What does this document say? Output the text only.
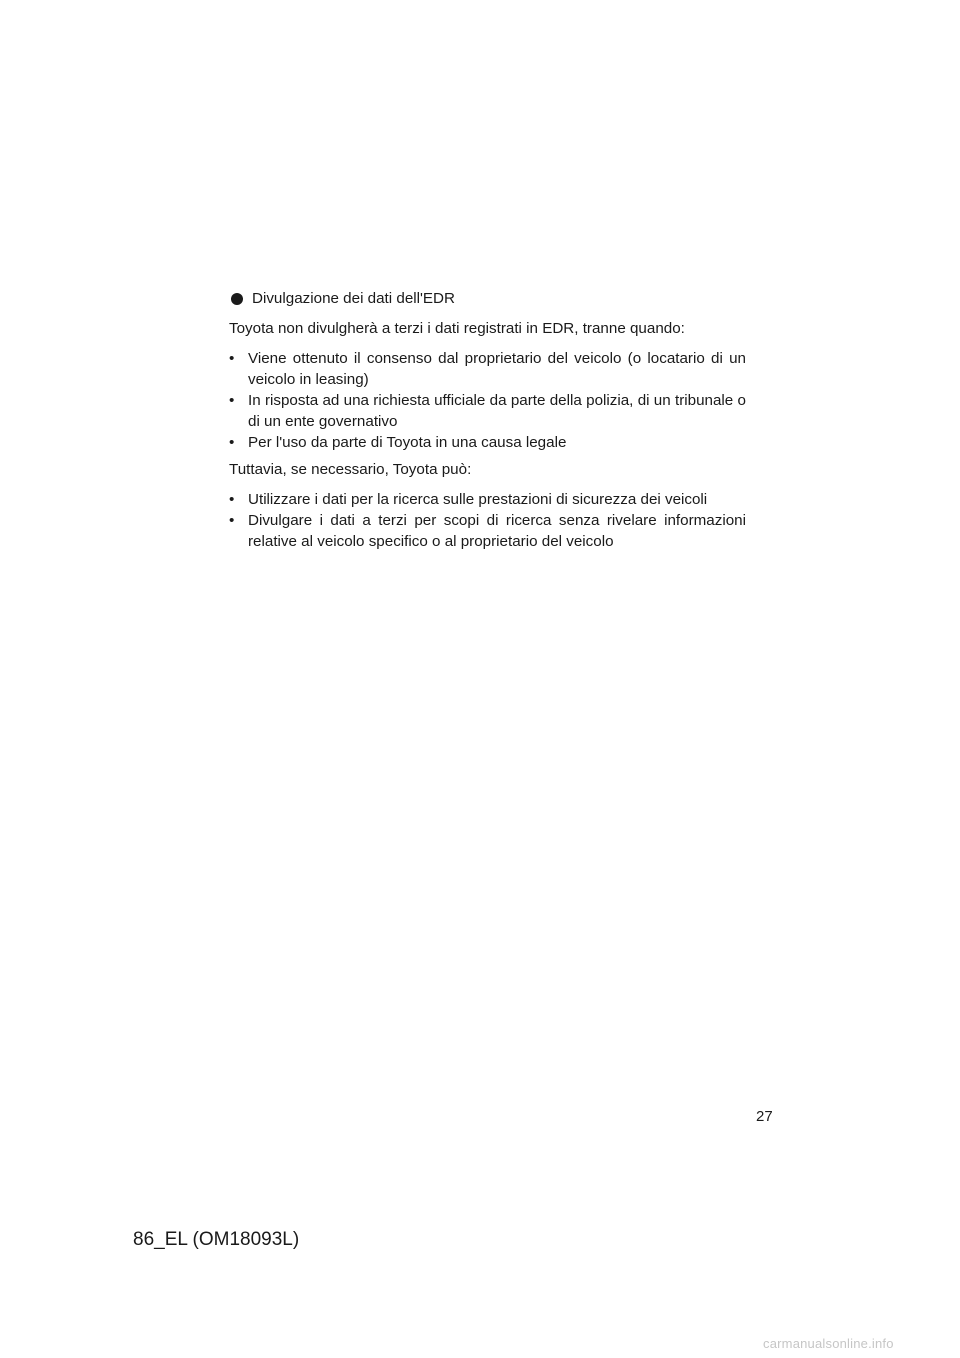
Divulgazione dei dati dell'EDR

Toyota non divulgherà a terzi i dati registrati in EDR, tranne quando:

• Viene ottenuto il consenso dal proprietario del veicolo (o locatario di un veicolo in leasing)
• In risposta ad una richiesta ufficiale da parte della polizia, di un tribunale o di un ente governativo
• Per l'uso da parte di Toyota in una causa legale

Tuttavia, se necessario, Toyota può:

• Utilizzare i dati per la ricerca sulle prestazioni di sicurezza dei veicoli
• Divulgare i dati a terzi per scopi di ricerca senza rivelare informazioni relative al veicolo specifico o al proprietario del veicolo
27
86_EL (OM18093L)
carmanualsonline.info
